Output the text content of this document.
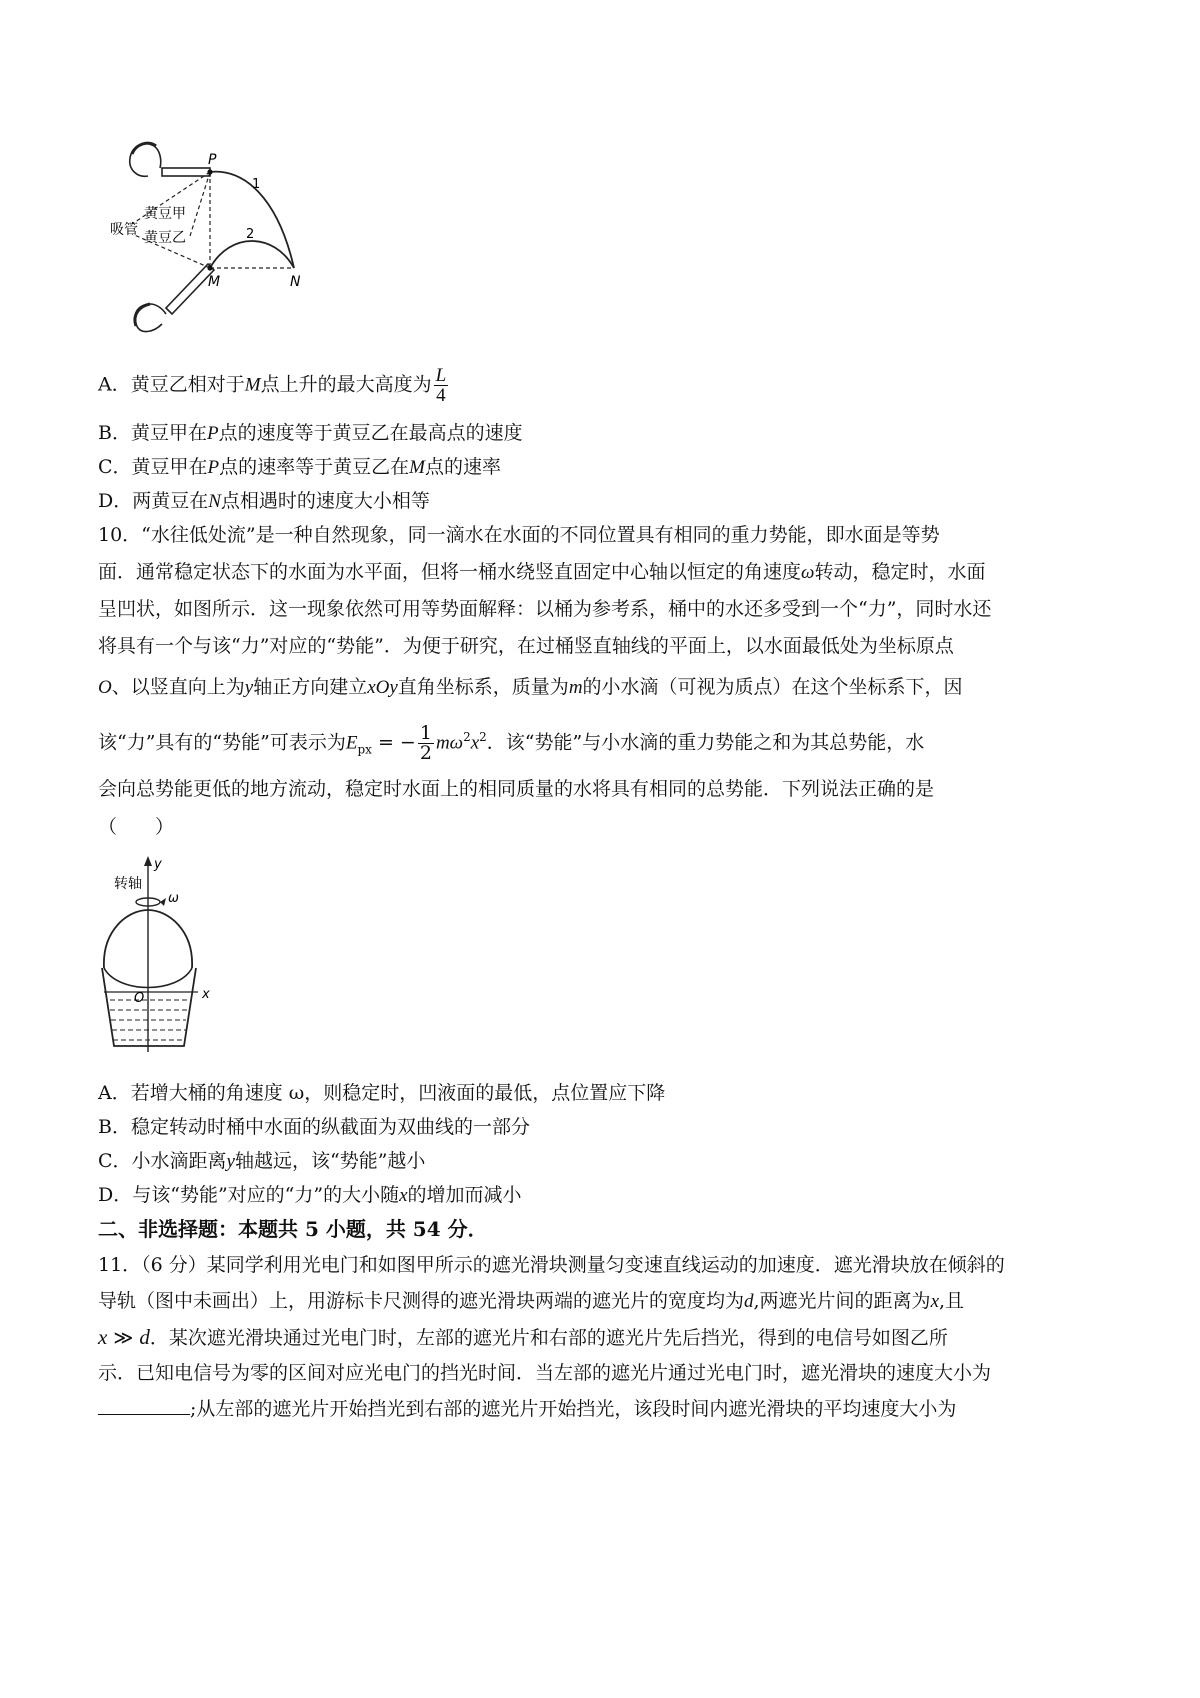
P
M	N
1
2
吸管
黄豆甲
黄豆乙
A．黄豆乙相对于M点上升的最大高度为 $\frac{L}{4}$
B．黄豆甲在P点的速度等于黄豆乙在最高点的速度
C．黄豆甲在P点的速率等于黄豆乙在M点的速率
D．两黄豆在N点相遇时的速度大小相等
10．“水往低处流”是一种自然现象，同一滴水在水面的不同位置具有相同的重力势能，即水面是等势
面．通常稳定状态下的水面为水平面，但将一桶水绕竖直固定中心轴以恒定的角速度ω转动，稳定时，水面
呈凹状，如图所示．这一现象依然可用等势面解释：以桶为参考系，桶中的水还多受到一个“力”，同时水还
将具有一个与该“力”对应的“势能”．为便于研究，在过桶竖直轴线的平面上，以水面最低处为坐标原点
O、以竖直向上为y轴正方向建立xOy直角坐标系，质量为m的小水滴（可视为质点）在这个坐标系下，因
该“力”具有的“势能”可表示为$E_{px}$ = − $\frac{1}{2} m\omega^2x^2$．该“势能”与小水滴的重力势能之和为其总势能，水
会向总势能更低的地方流动，稳定时水面上的相同质量的水将具有相同的总势能．下列说法正确的是
（　　）
转轴
y
ω
O	x
A．若增大桶的角速度 ω，则稳定时，凹液面的最低，点位置应下降
B．稳定转动时桶中水面的纵截面为双曲线的一部分
C．小水滴距离y轴越远，该“势能”越小
D．与该“势能”对应的“力”的大小随x的增加而减小
二、非选择题：本题共 5 小题，共 54 分．
11．（6 分）某同学利用光电门和如图甲所示的遮光滑块测量匀变速直线运动的加速度．遮光滑块放在倾斜的
导轨（图中未画出）上，用游标卡尺测得的遮光滑块两端的遮光片的宽度均为d,两遮光片间的距离为x,且
x ≫ d．某次遮光滑块通过光电门时，左部的遮光片和右部的遮光片先后挡光，得到的电信号如图乙所
示．已知电信号为零的区间对应光电门的挡光时间．当左部的遮光片通过光电门时，遮光滑块的速度大小为
;从左部的遮光片开始挡光到右部的遮光片开始挡光，该段时间内遮光滑块的平均速度大小为
